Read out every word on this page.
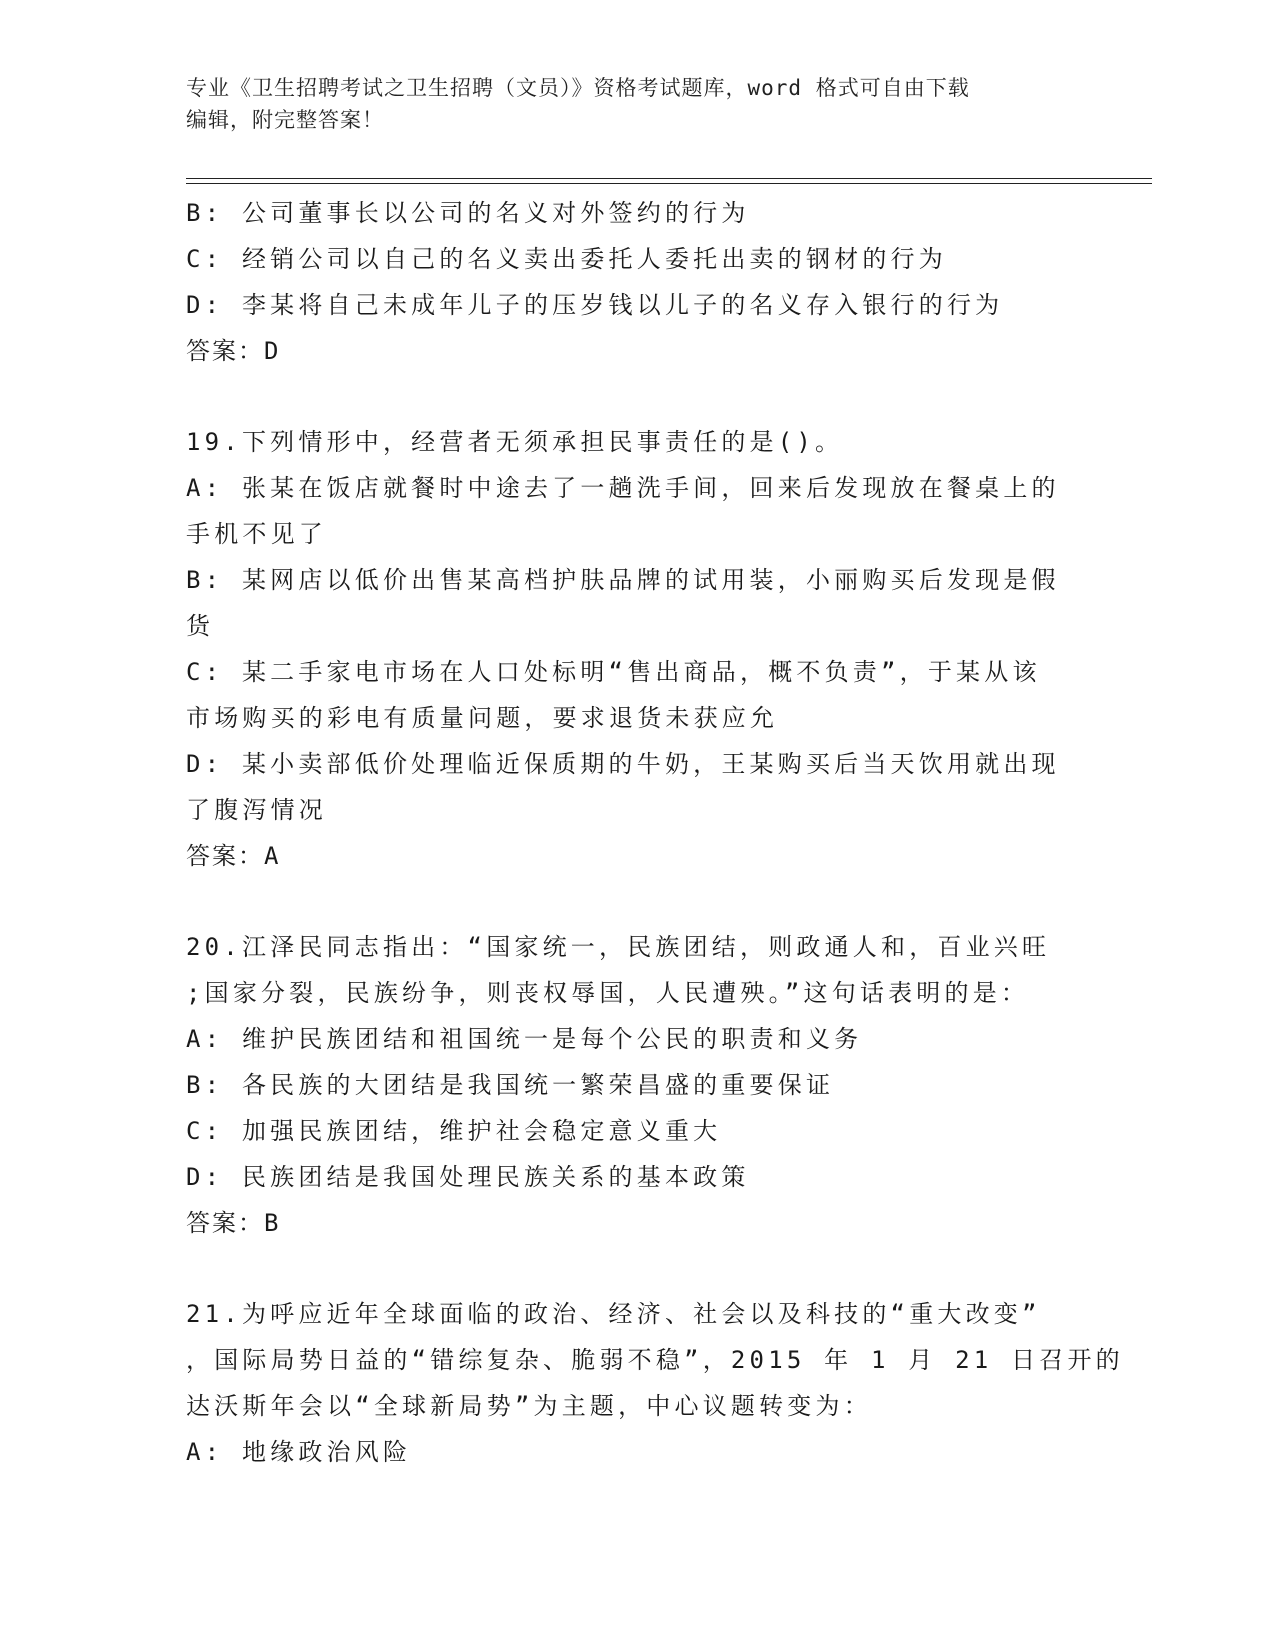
专业《卫生招聘考试之卫生招聘（文员）》资格考试题库，word 格式可自由下载
编辑，附完整答案！
B: 公司董事长以公司的名义对外签约的行为
C: 经销公司以自己的名义卖出委托人委托出卖的钢材的行为
D: 李某将自己未成年儿子的压岁钱以儿子的名义存入银行的行为
答案：D
19.下列情形中，经营者无须承担民事责任的是()。
A: 张某在饭店就餐时中途去了一趟洗手间，回来后发现放在餐桌上的
手机不见了
B: 某网店以低价出售某高档护肤品牌的试用装，小丽购买后发现是假
货
C: 某二手家电市场在人口处标明“售出商品，概不负责”，于某从该
市场购买的彩电有质量问题，要求退货未获应允
D: 某小卖部低价处理临近保质期的牛奶，王某购买后当天饮用就出现
了腹泻情况
答案：A
20.江泽民同志指出：“国家统一，民族团结，则政通人和，百业兴旺
;国家分裂，民族纷争，则丧权辱国，人民遭殃。”这句话表明的是：
A: 维护民族团结和祖国统一是每个公民的职责和义务
B: 各民族的大团结是我国统一繁荣昌盛的重要保证
C: 加强民族团结，维护社会稳定意义重大
D: 民族团结是我国处理民族关系的基本政策
答案：B
21.为呼应近年全球面临的政治、经济、社会以及科技的“重大改变”
，国际局势日益的“错综复杂、脆弱不稳”，2015 年 1 月 21 日召开的
达沃斯年会以“全球新局势”为主题，中心议题转变为：
A: 地缘政治风险
